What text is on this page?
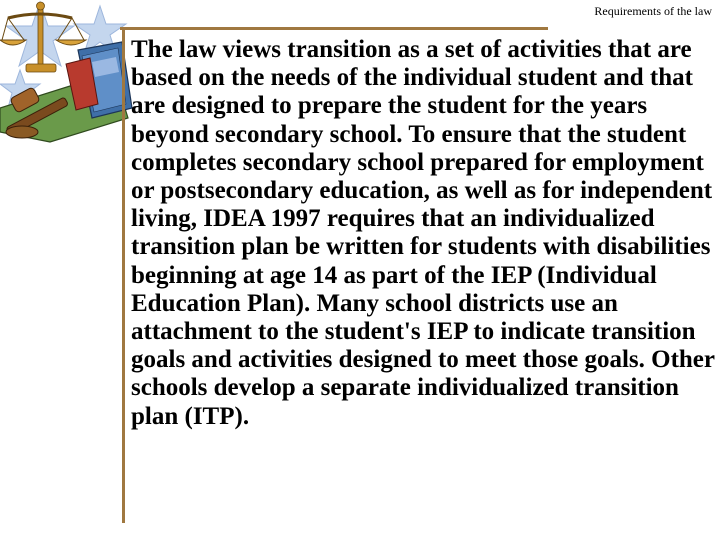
Requirements of the law

The law views transition as a set of activities that are based on the needs of the individual student and that are designed to prepare the student for the years beyond secondary school. To ensure that the student completes secondary school prepared for employment or postsecondary education, as well as for independent living, IDEA 1997 requires that an individualized transition plan be written for students with disabilities beginning at age 14 as part of the IEP (Individual Education Plan). Many school districts use an attachment to the student's IEP to indicate transition goals and activities designed to meet those goals. Other schools develop a separate individualized transition plan (ITP).
